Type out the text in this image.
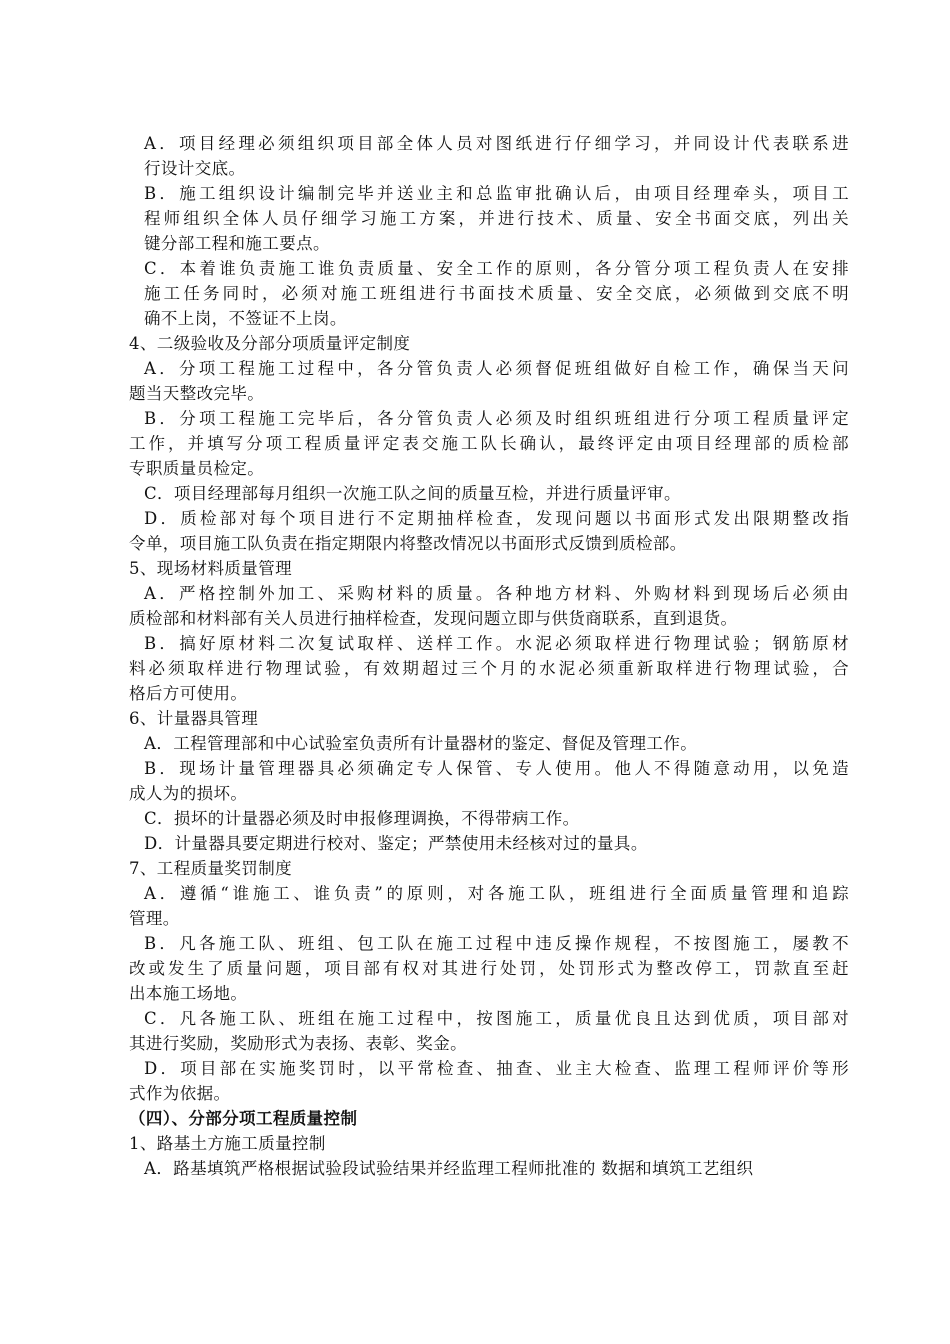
A．项目经理必须组织项目部全体人员对图纸进行仔细学习，并同设计代表联系进
行设计交底。
B．施工组织设计编制完毕并送业主和总监审批确认后，由项目经理牵头，项目工
程师组织全体人员仔细学习施工方案，并进行技术、质量、安全书面交底，列出关
键分部工程和施工要点。
C．本着谁负责施工谁负责质量、安全工作的原则，各分管分项工程负责人在安排
施工任务同时，必须对施工班组进行书面技术质量、安全交底，必须做到交底不明
确不上岗，不签证不上岗。
4、二级验收及分部分项质量评定制度
A．分项工程施工过程中，各分管负责人必须督促班组做好自检工作，确保当天问
题当天整改完毕。
B．分项工程施工完毕后，各分管负责人必须及时组织班组进行分项工程质量评定
工作，并填写分项工程质量评定表交施工队长确认，最终评定由项目经理部的质检部
专职质量员检定。
C．项目经理部每月组织一次施工队之间的质量互检，并进行质量评审。
D．质检部对每个项目进行不定期抽样检查，发现问题以书面形式发出限期整改指
令单，项目施工队负责在指定期限内将整改情况以书面形式反馈到质检部。
5、现场材料质量管理
A．严格控制外加工、采购材料的质量。各种地方材料、外购材料到现场后必须由
质检部和材料部有关人员进行抽样检查，发现问题立即与供货商联系，直到退货。
B．搞好原材料二次复试取样、送样工作。水泥必须取样进行物理试验；钢筋原材
料必须取样进行物理试验，有效期超过三个月的水泥必须重新取样进行物理试验，合
格后方可使用。
6、计量器具管理
A．工程管理部和中心试验室负责所有计量器材的鉴定、督促及管理工作。
B．现场计量管理器具必须确定专人保管、专人使用。他人不得随意动用，以免造
成人为的损坏。
C．损坏的计量器必须及时申报修理调换，不得带病工作。
D．计量器具要定期进行校对、鉴定；严禁使用未经核对过的量具。
7、工程质量奖罚制度
A．遵循“谁施工、谁负责”的原则，对各施工队，班组进行全面质量管理和追踪
管理。
B．凡各施工队、班组、包工队在施工过程中违反操作规程，不按图施工，屡教不
改或发生了质量问题，项目部有权对其进行处罚，处罚形式为整改停工，罚款直至赶
出本施工场地。
C．凡各施工队、班组在施工过程中，按图施工，质量优良且达到优质，项目部对
其进行奖励，奖励形式为表扬、表彰、奖金。
D．项目部在实施奖罚时，以平常检查、抽查、业主大检查、监理工程师评价等形
式作为依据。
（四）、分部分项工程质量控制
1、路基土方施工质量控制
A．路基填筑严格根据试验段试验结果并经监理工程师批准的 数据和填筑工艺组织
